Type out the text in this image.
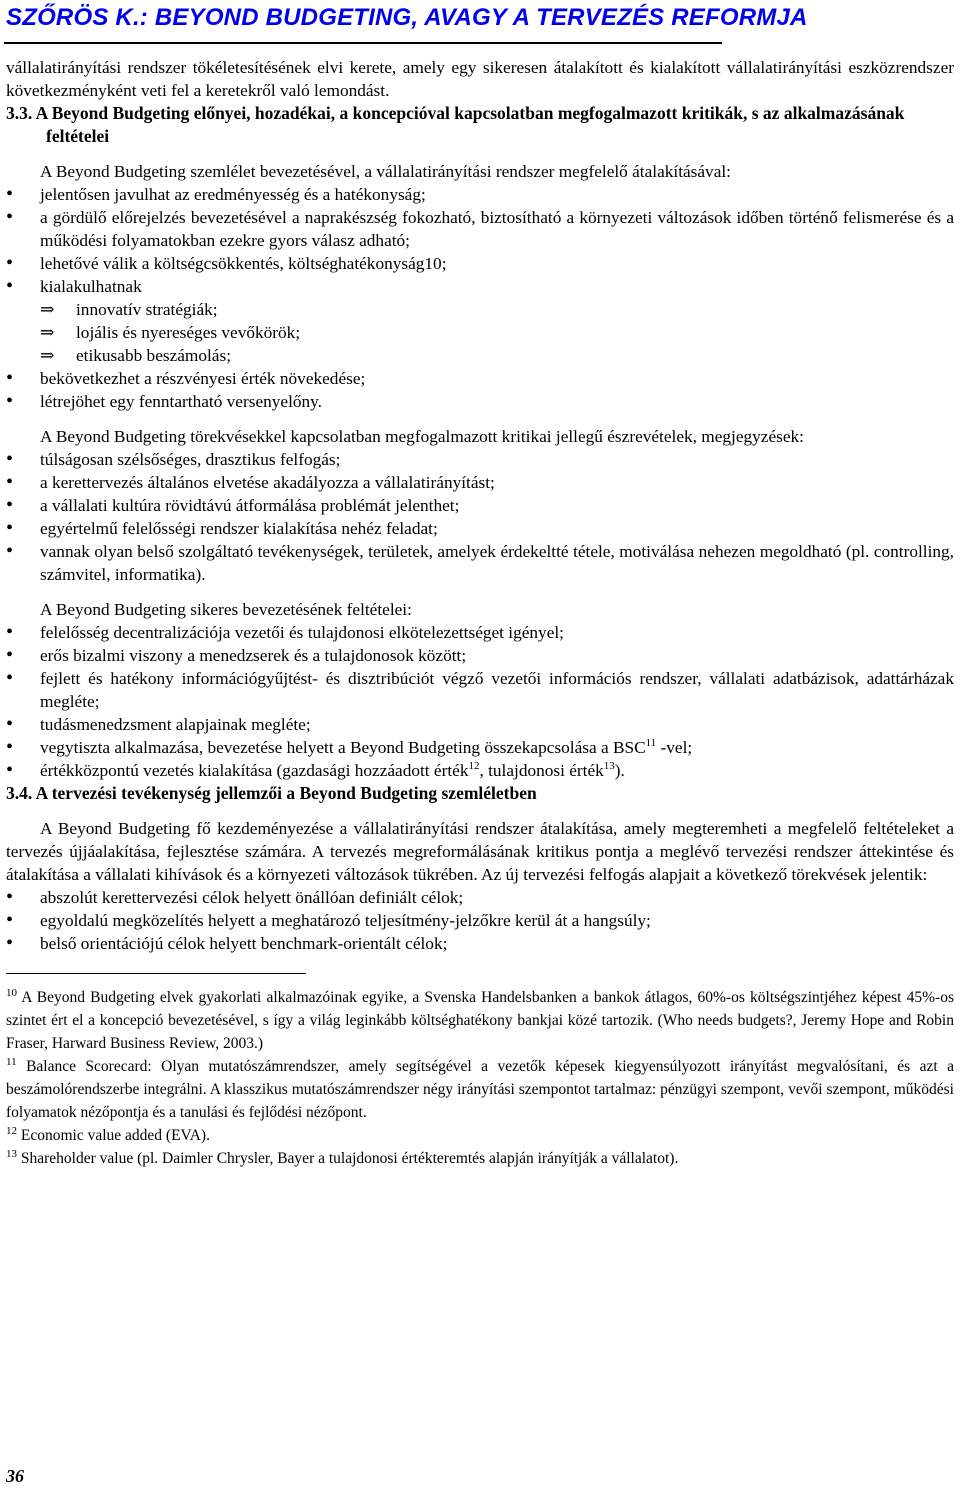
SZŐRÖS K.: BEYOND BUDGETING, AVAGY A TERVEZÉS REFORMJA

vállalatirányítási rendszer tökéletesítésének elvi kerete, amely egy sikeresen átalakított és kialakított vállalatirányítási eszközrendszer következményként veti fel a keretekről való lemondást.

3.3. A Beyond Budgeting előnyei, hozadékai, a koncepcióval kapcsolatban megfogalmazott kritikák, s az alkalmazásának feltételei

A Beyond Budgeting szemlélet bevezetésével, a vállalatirányítási rendszer megfelelő átalakításával:

• jelentősen javulhat az eredményesség és a hatékonyság;
• a gördülő előrejelzés bevezetésével a naprakészség fokozható, biztosítható a környezeti változások időben történő felismerése és a működési folyamatokban ezekre gyors válasz adható;
• lehetővé válik a költségcsökkentés, költséghatékonyság10;
• kialakulhatnak
⇒ innovatív stratégiák;
⇒ lojális és nyereséges vevőkörök;
⇒ etikusabb beszámolás;
• bekövetkezhet a részvényesi érték növekedése;
• létrejöhet egy fenntartható versenyelőny.

A Beyond Budgeting törekvésekkel kapcsolatban megfogalmazott kritikai jellegű észrevételek, megjegyzések:

• túlságosan szélsőséges, drasztikus felfogás;
• a kerettervezés általános elvetése akadályozza a vállalatirányítást;
• a vállalati kultúra rövidtávú átformálása problémát jelenthet;
• egyértelmű felelősségi rendszer kialakítása nehéz feladat;
• vannak olyan belső szolgáltató tevékenységek, területek, amelyek érdekeltté tétele, motiválása nehezen megoldható (pl. controlling, számvitel, informatika).

A Beyond Budgeting sikeres bevezetésének feltételei:

• felelősség decentralizációja vezetői és tulajdonosi elkötelezettséget igényel;
• erős bizalmi viszony a menedzserek és a tulajdonosok között;
• fejlett és hatékony információgyűjtést- és disztribúciót végző vezetői információs rendszer, vállalati adatbázisok, adattárházak megléte;
• tudásmenedzsment alapjainak megléte;
• vegytiszta alkalmazása, bevezetése helyett a Beyond Budgeting összekapcsolása a BSC$^{11}$ -vel;
• értékközpontú vezetés kialakítása (gazdasági hozzáadott érték$^{12}$, tulajdonosi érték$^{13}$).
3.4. A tervezési tevékenység jellemzői a Beyond Budgeting szemléletben

A Beyond Budgeting fő kezdeményezése a vállalatirányítási rendszer átalakítása, amely megteremheti a megfelelő feltételeket a tervezés újjáalakítása, fejlesztése számára. A tervezés megreformálásának kritikus pontja a meglévő tervezési rendszer áttekintése és átalakítása a vállalati kihívások és a környezeti változások tükrében. Az új tervezési felfogás alapjait a következő törekvések jelentik:

• abszolút kerettervezési célok helyett önállóan definiált célok;
• egyoldalú megközelítés helyett a meghatározó teljesítmény-jelzőkre kerül át a hangsúly;
• belső orientációjú célok helyett benchmark-orientált célok;

$^{10}$ A Beyond Budgeting elvek gyakorlati alkalmazóinak egyike, a Svenska Handelsbanken a bankok átlagos, 60%-os költségszintjéhez képest 45%-os szintet ért el a koncepció bevezetésével, s így a világ leginkább költséghatékony bankjai közé tartozik. (Who needs budgets?, Jeremy Hope and Robin Fraser, Harward Business Review, 2003.)

$^{11}$ Balance Scorecard: Olyan mutatószámrendszer, amely segítségével a vezetők képesek kiegyensúlyozott irányítást megvalósítani, és azt a beszámolórendszerbe integrálni. A klasszikus mutatószámrendszer négy irányítási szempontot tartalmaz: pénzügyi szempont, vevői szempont, működési folyamatok nézőpontja és a tanulási és fejlődési nézőpont.

$^{12}$ Economic value added (EVA).

$^{13}$ Shareholder value (pl. Daimler Chrysler, Bayer a tulajdonosi értékteremtés alapján irányítják a vállalatot).

36
